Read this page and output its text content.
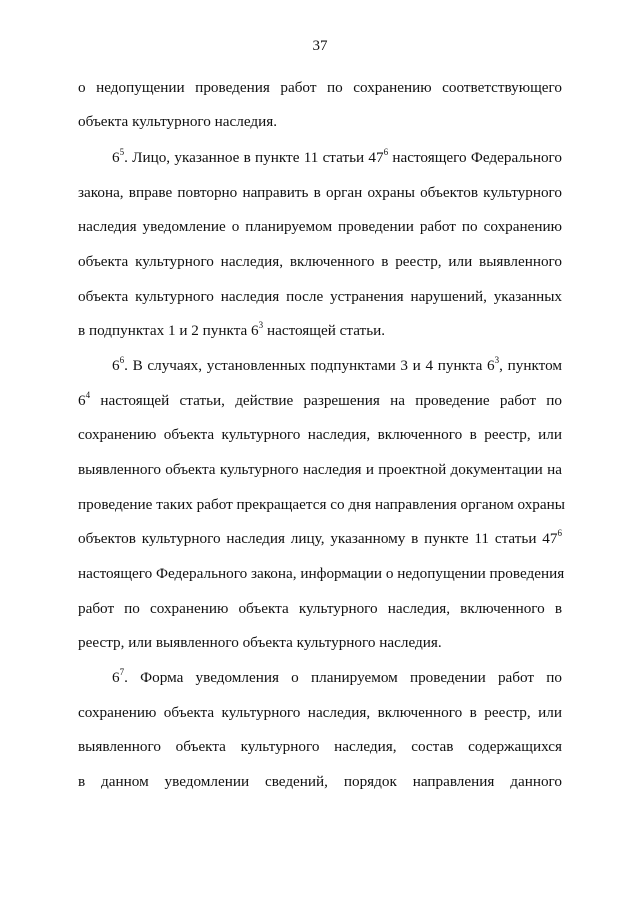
37
о недопущении проведения работ по сохранению соответствующего
объекта культурного наследия.
$6^5$. Лицо, указанное в пункте 11 статьи $47^6$ настоящего Федерального
закона, вправе повторно направить в орган охраны объектов культурного
наследия уведомление о планируемом проведении работ по сохранению
объекта культурного наследия, включенного в реестр, или выявленного
объекта культурного наследия после устранения нарушений, указанных
в подпунктах 1 и 2 пункта $6^3$ настоящей статьи.
$6^6$. В случаях, установленных подпунктами 3 и 4 пункта $6^3$, пунктом
$6^4$ настоящей статьи, действие разрешения на проведение работ по
сохранению объекта культурного наследия, включенного в реестр, или
выявленного объекта культурного наследия и проектной документации на
проведение таких работ прекращается со дня направления органом охраны
объектов культурного наследия лицу, указанному в пункте 11 статьи $47^6$
настоящего Федерального закона, информации о недопущении проведения
работ по сохранению объекта культурного наследия, включенного в
реестр, или выявленного объекта культурного наследия.
$6^7$. Форма уведомления о планируемом проведении работ по
сохранению объекта культурного наследия, включенного в реестр, или
выявленного объекта культурного наследия, состав содержащихся
в данном уведомлении сведений, порядок направления данного
